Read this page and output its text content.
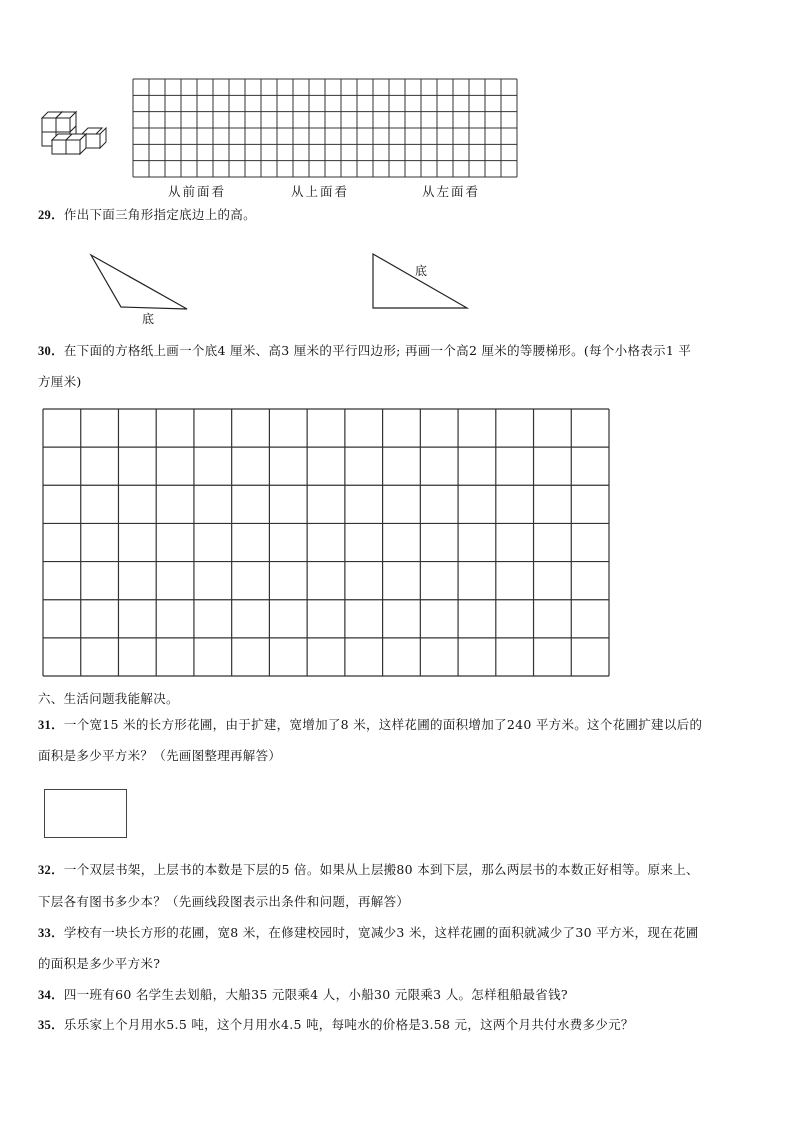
从前面看	从上面看	从左面看
29．作出下面三角形指定底边上的高。
底
底
30．在下面的方格纸上画一个底4 厘米、高3 厘米的平行四边形; 再画一个高2 厘米的等腰梯形。(每个小格表示1 平
方厘米)
六、生活问题我能解决。
31．一个宽15 米的长方形花圃，由于扩建，宽增加了8 米，这样花圃的面积增加了240 平方米。这个花圃扩建以后的
面积是多少平方米？（先画图整理再解答）
32．一个双层书架，上层书的本数是下层的5 倍。如果从上层搬80 本到下层，那么两层书的本数正好相等。原来上、
下层各有图书多少本？（先画线段图表示出条件和问题，再解答）
33．学校有一块长方形的花圃，宽8 米，在修建校园时，宽减少3 米，这样花圃的面积就减少了30 平方米，现在花圃
的面积是多少平方米?
34．四一班有60 名学生去划船，大船35 元限乘4 人，小船30 元限乘3 人。怎样租船最省钱?
35．乐乐家上个月用水5.5 吨，这个月用水4.5 吨，每吨水的价格是3.58 元，这两个月共付水费多少元？
